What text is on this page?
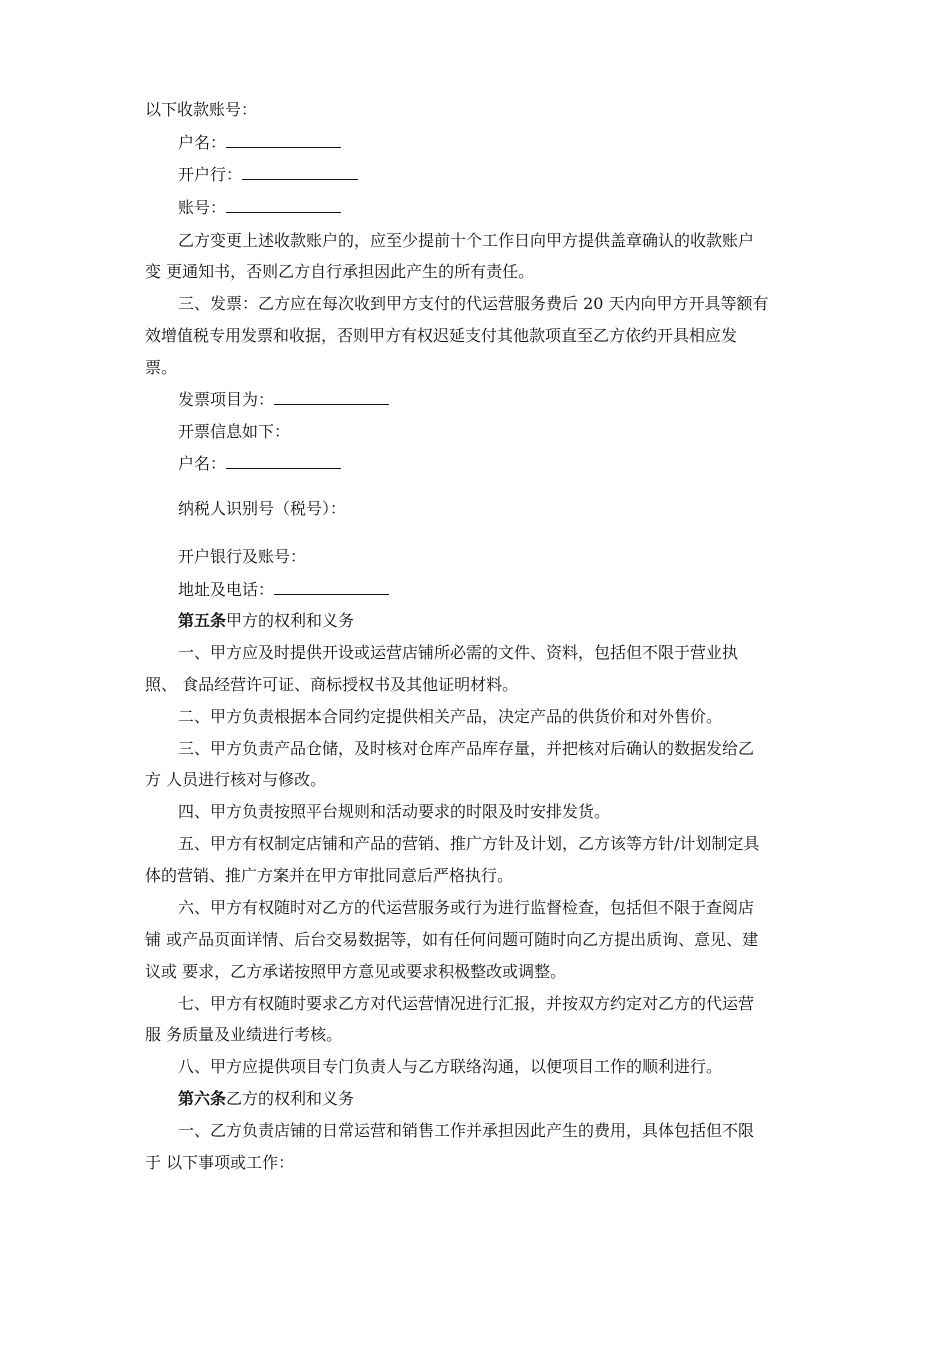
以下收款账号：
户名：
开户行：
账号：
乙方变更上述收款账户的，应至少提前十个工作日向甲方提供盖章确认的收款账户
变 更通知书，否则乙方自行承担因此产生的所有责任。
三、发票：乙方应在每次收到甲方支付的代运营服务费后 20 天内向甲方开具等额有
效增值税专用发票和收据，否则甲方有权迟延支付其他款项直至乙方依约开具相应发
票。
发票项目为：
开票信息如下：
户名：
纳税人识别号（税号）：
开户银行及账号：
地址及电话：
第五条甲方的权利和义务
一、甲方应及时提供开设或运营店铺所必需的文件、资料，包括但不限于营业执
照、 食品经营许可证、商标授权书及其他证明材料。
二、甲方负责根据本合同约定提供相关产品，决定产品的供货价和对外售价。
三、甲方负责产品仓储，及时核对仓库产品库存量，并把核对后确认的数据发给乙
方 人员进行核对与修改。
四、甲方负责按照平台规则和活动要求的时限及时安排发货。
五、甲方有权制定店铺和产品的营销、推广方针及计划，乙方该等方针/计划制定具
体的营销、推广方案并在甲方审批同意后严格执行。
六、甲方有权随时对乙方的代运营服务或行为进行监督检查，包括但不限于查阅店
铺 或产品页面详情、后台交易数据等，如有任何问题可随时向乙方提出质询、意见、建
议或 要求，乙方承诺按照甲方意见或要求积极整改或调整。
七、甲方有权随时要求乙方对代运营情况进行汇报，并按双方约定对乙方的代运营
服 务质量及业绩进行考核。
八、甲方应提供项目专门负责人与乙方联络沟通，以便项目工作的顺利进行。
第六条乙方的权利和义务
一、乙方负责店铺的日常运营和销售工作并承担因此产生的费用，具体包括但不限
于 以下事项或工作：
